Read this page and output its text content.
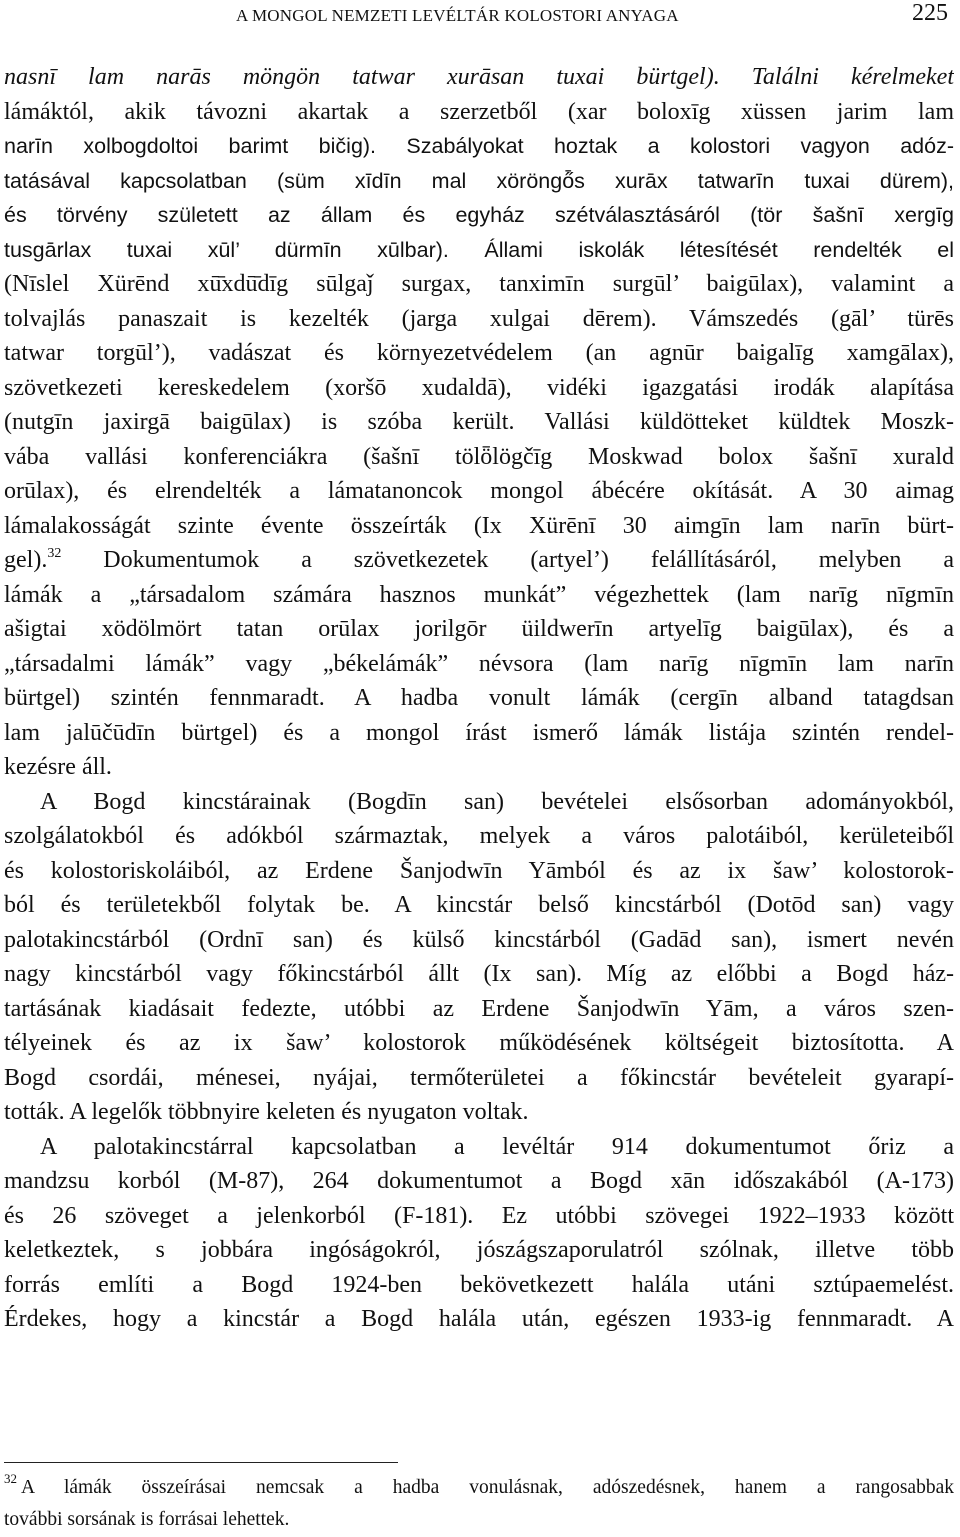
A MONGOL NEMZETI LEVÉLTÁR KOLOSTORI ANYAGA	225
nasnī lam narās möngön tatwar xurāsan tuxai bürtgel). Találni kérelmeket
lámáktól, akik távozni akartak a szerzetből (xar boloxīg xüssen jarim lam
narīn xolbogdoltoi barimt bičig). Szabályokat hoztak a kolostori vagyon adóz-
tatásával kapcsolatban (süm xīdīn mal xöröngő̄s xurāx tatwarīn tuxai dürem),
és törvény született az állam és egyház szétválasztásáról (tör šašnī xergīg
tusgārlax tuxai xūl’ dürmīn xūlbar). Állami iskolák létesítését rendelték el
(Nīslel Xürēnd xū̄xdū̄dīg sūlgaǰ surgax, tanximīn surgūl’ baigūlax), valamint a
tolvajlás panaszait is kezelték (jarga xulgai dērem). Vámszedés (gāl’ türēs
tatwar torgūl’), vadászat és környezetvédelem (an agnūr baigalīg xamgālax),
szövetkezeti kereskedelem (xoršō xudaldā), vidéki igazgatási irodák alapítása
(nutgīn jaxirgā baigūlax) is szóba került. Vallási küldötteket küldtek Moszk-
vába vallási konferenciákra (šašnī tölȫlögčīg Moskwad bolox šašnī xurald
orūlax), és elrendelték a lámatanoncok mongol ábécére okítását. A 30 aimag
lámalakosságát szinte évente összeírták (Ix Xürēnī 30 aimgīn lam narīn bürt-
gel).$^{32}$ Dokumentumok a szövetkezetek (artyel’) felállításáról, melyben a
lámák a „társadalom számára hasznos munkát” végezhettek (lam narīg nīgmīn
ašigtai xödölmört tatan orūlax jorilgōr üildwerīn artyelīg baigūlax), és a
„társadalmi lámák” vagy „békelámák” névsora (lam narīg nīgmīn lam narīn
bürtgel) szintén fennmaradt. A hadba vonult lámák (cergīn alband tatagdsan
lam jalūčūdīn bürtgel) és a mongol írást ismerő lámák listája szintén rendel-
kezésre áll.
A Bogd kincstárainak (Bogdīn san) bevételei elsősorban adományokból,
szolgálatokból és adókból származtak, melyek a város palotáiból, kerületeiből
és kolostoriskoláiból, az Erdene Šanjodwīn Yāmból és az ix šaw’ kolostorok-
ból és területekből folytak be. A kincstár belső kincstárból (Dotōd san) vagy
palotakincstárból (Ordnī san) és külső kincstárból (Gadād san), ismert nevén
nagy kincstárból vagy főkincstárból állt (Ix san). Míg az előbbi a Bogd ház-
tartásának kiadásait fedezte, utóbbi az Erdene Šanjodwīn Yām, a város szen-
télyeinek és az ix šaw’ kolostorok működésének költségeit biztosította. A
Bogd csordái, ménesei, nyájai, termőterületei a főkincstár bevételeit gyarapí-
tották. A legelők többnyire keleten és nyugaton voltak.
A palotakincstárral kapcsolatban a levéltár 914 dokumentumot őriz a
mandzsu korból (M-87), 264 dokumentumot a Bogd xān időszakából (A-173)
és 26 szöveget a jelenkorból (F-181). Ez utóbbi szövegei 1922–1933 között
keletkeztek, s jobbára ingóságokról, jószágszaporulatról szólnak, illetve több
forrás említi a Bogd 1924-ben bekövetkezett halála utáni sztúpaemelést.
Érdekes, hogy a kincstár a Bogd halála után, egészen 1933-ig fennmaradt. A
$^{32}$ A lámák összeírásai nemcsak a hadba vonulásnak, adószedésnek, hanem a rangosabbak
további sorsának is forrásai lehettek.
